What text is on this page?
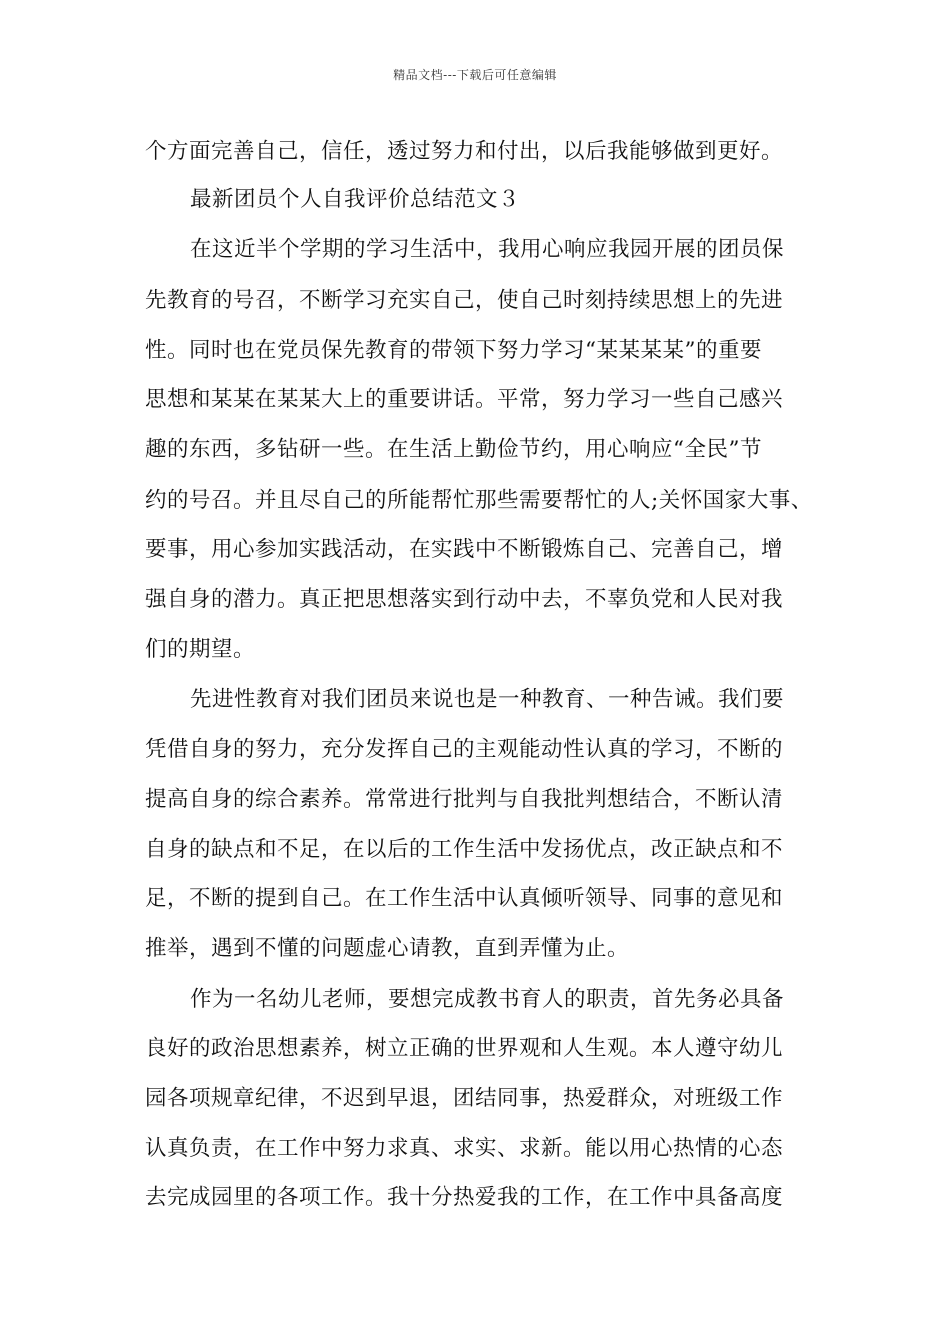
精品文档---下载后可任意编辑
个方面完善自己，信任，透过努力和付出，以后我能够做到更好。
最新团员个人自我评价总结范文３
在这近半个学期的学习生活中，我用心响应我园开展的团员保
先教育的号召，不断学习充实自己，使自己时刻持续思想上的先进
性。同时也在党员保先教育的带领下努力学习“某某某某”的重要
思想和某某在某某大上的重要讲话。平常，努力学习一些自己感兴
趣的东西，多钻研一些。在生活上勤俭节约，用心响应“全民”节
约的号召。并且尽自己的所能帮忙那些需要帮忙的人;关怀国家大事、
要事，用心参加实践活动，在实践中不断锻炼自己、完善自己，增
强自身的潜力。真正把思想落实到行动中去，不辜负党和人民对我
们的期望。
先进性教育对我们团员来说也是一种教育、一种告诫。我们要
凭借自身的努力，充分发挥自己的主观能动性认真的学习，不断的
提高自身的综合素养。常常进行批判与自我批判想结合，不断认清
自身的缺点和不足，在以后的工作生活中发扬优点，改正缺点和不
足，不断的提到自己。在工作生活中认真倾听领导、同事的意见和
推举，遇到不懂的问题虚心请教，直到弄懂为止。
作为一名幼儿老师，要想完成教书育人的职责，首先务必具备
良好的政治思想素养，树立正确的世界观和人生观。本人遵守幼儿
园各项规章纪律，不迟到早退，团结同事，热爱群众，对班级工作
认真负责，在工作中努力求真、求实、求新。能以用心热情的心态
去完成园里的各项工作。我十分热爱我的工作，在工作中具备高度
